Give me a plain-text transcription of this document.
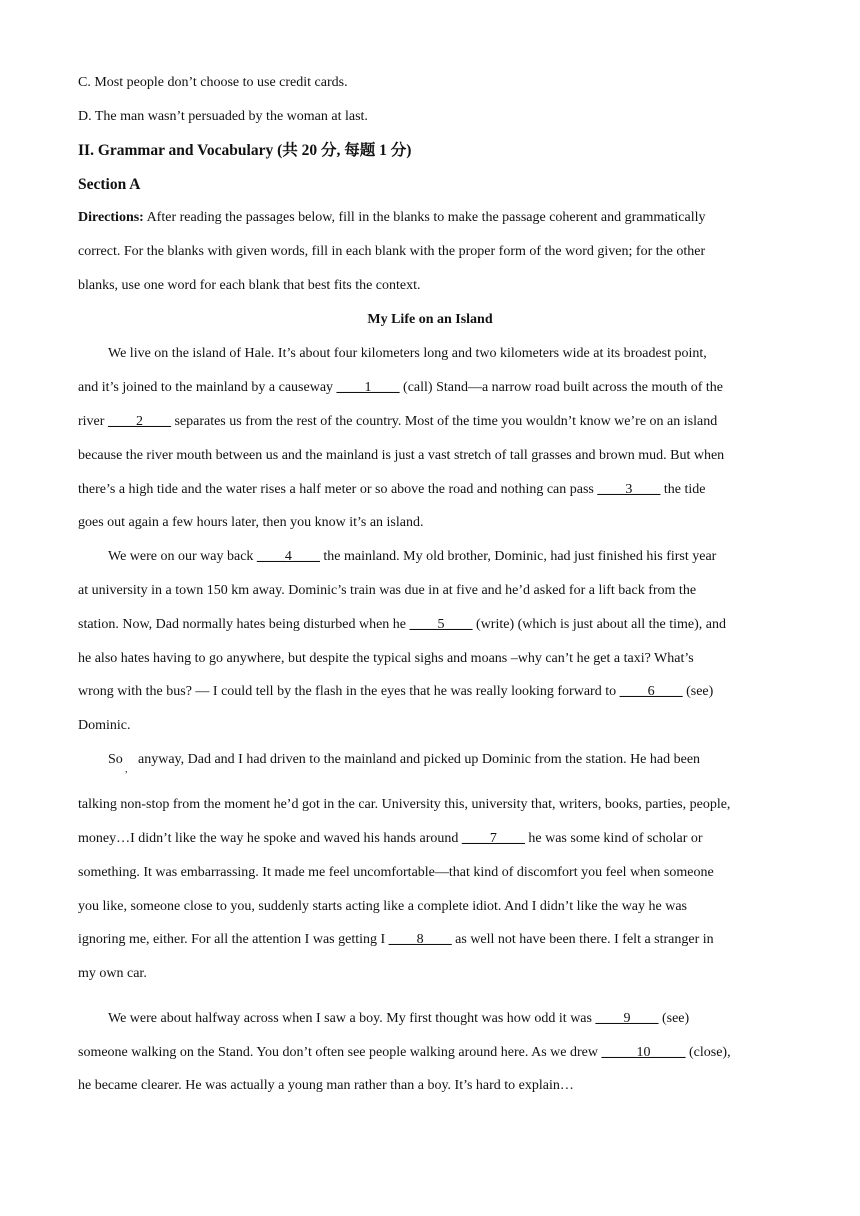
C. Most people don’t choose to use credit cards.
D. The man wasn’t persuaded by the woman at last.
II. Grammar and Vocabulary (共 20 分, 每题 1 分)
Section A
Directions: After reading the passages below, fill in the blanks to make the passage coherent and grammatically
correct. For the blanks with given words, fill in each blank with the proper form of the word given; for the other
blanks, use one word for each blank that best fits the context.
My Life on an Island
We live on the island of Hale. It’s about four kilometers long and two kilometers wide at its broadest point,
and it’s joined to the mainland by a causeway ____1____ (call) Stand—a narrow road built across the mouth of the
river ____2____ separates us from the rest of the country. Most of the time you wouldn’t know we’re on an island
because the river mouth between us and the mainland is just a vast stretch of tall grasses and brown mud. But when
there’s a high tide and the water rises a half meter or so above the road and nothing can pass ____3____ the tide
goes out again a few hours later, then you know it’s an island.
We were on our way back ____4____ the mainland. My old brother, Dominic, had just finished his first year
at university in a town 150 km away. Dominic’s train was due in at five and he’d asked for a lift back from the
station. Now, Dad normally hates being disturbed when he ____5____ (write) (which is just about all the time), and
he also hates having to go anywhere, but despite the typical sighs and moans –why can’t he get a taxi? What’s
wrong with the bus? — I could tell by the flash in the eyes that he was really looking forward to ____6____ (see)
Dominic.
So
,
anyway, Dad and I had driven to the mainland and picked up Dominic from the station. He had been
talking non-stop from the moment he’d got in the car. University this, university that, writers, books, parties, people,
money…I didn’t like the way he spoke and waved his hands around ____7____ he was some kind of scholar or
something. It was embarrassing. It made me feel uncomfortable—that kind of discomfort you feel when someone
you like, someone close to you, suddenly starts acting like a complete idiot. And I didn’t like the way he was
ignoring me, either. For all the attention I was getting I ____8____ as well not have been there. I felt a stranger in
my own car.
We were about halfway across when I saw a boy. My first thought was how odd it was ____9____ (see)
someone walking on the Stand. You don’t often see people walking around here. As we drew _____10_____ (close),
he became clearer. He was actually a young man rather than a boy. It’s hard to explain…
